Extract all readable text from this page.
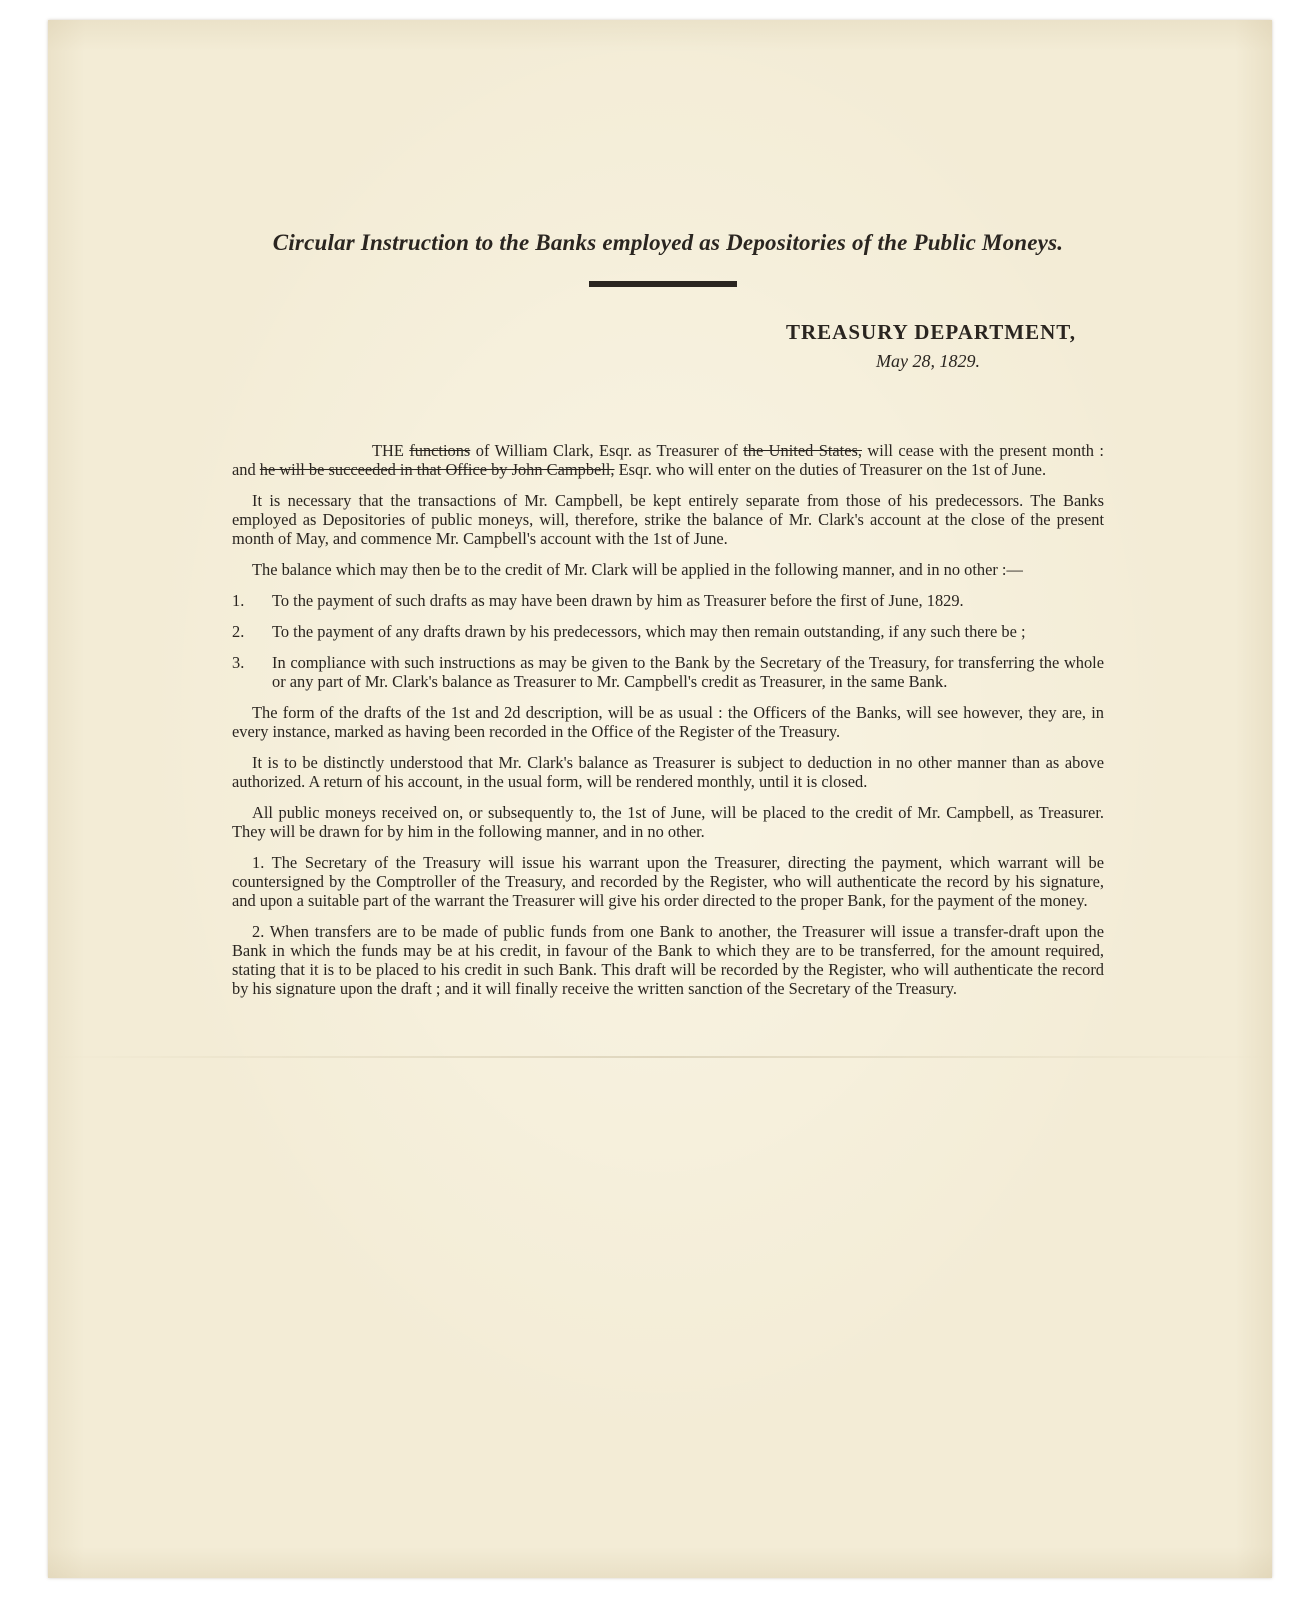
Circular Instruction to the Banks employed as Depositories of the Public Moneys.
TREASURY DEPARTMENT,
May 28, 1829.

THE functions of William Clark, Esqr. as Treasurer of the United States, will cease with the present month : and he will be succeeded in that Office by John Campbell, Esqr. who will enter on the duties of Treasurer on the 1st of June.

It is necessary that the transactions of Mr. Campbell, be kept entirely separate from those of his predecessors. The Banks employed as Depositories of public moneys, will, therefore, strike the balance of Mr. Clark's account at the close of the present month of May, and commence Mr. Campbell's account with the 1st of June.

The balance which may then be to the credit of Mr. Clark will be applied in the following manner, and in no other :—

1.	To the payment of such drafts as may have been drawn by him as Treasurer before the first of June, 1829.

2.	To the payment of any drafts drawn by his predecessors, which may then remain outstanding, if any such there be ;

3.	In compliance with such instructions as may be given to the Bank by the Secretary of the Treasury, for transferring the whole or any part of Mr. Clark's balance as Treasurer to Mr. Campbell's credit as Treasurer, in the same Bank.

The form of the drafts of the 1st and 2d description, will be as usual : the Officers of the Banks, will see however, they are, in every instance, marked as having been recorded in the Office of the Register of the Treasury.

It is to be distinctly understood that Mr. Clark's balance as Treasurer is subject to deduction in no other manner than as above authorized. A return of his account, in the usual form, will be rendered monthly, until it is closed.

All public moneys received on, or subsequently to, the 1st of June, will be placed to the credit of Mr. Campbell, as Treasurer. They will be drawn for by him in the following manner, and in no other.

1. The Secretary of the Treasury will issue his warrant upon the Treasurer, directing the payment, which warrant will be countersigned by the Comptroller of the Treasury, and recorded by the Register, who will authenticate the record by his signature, and upon a suitable part of the warrant the Treasurer will give his order directed to the proper Bank, for the payment of the money.

2. When transfers are to be made of public funds from one Bank to another, the Treasurer will issue a transfer-draft upon the Bank in which the funds may be at his credit, in favour of the Bank to which they are to be transferred, for the amount required, stating that it is to be placed to his credit in such Bank. This draft will be recorded by the Register, who will authenticate the record by his signature upon the draft ; and it will finally receive the written sanction of the Secretary of the Treasury.
